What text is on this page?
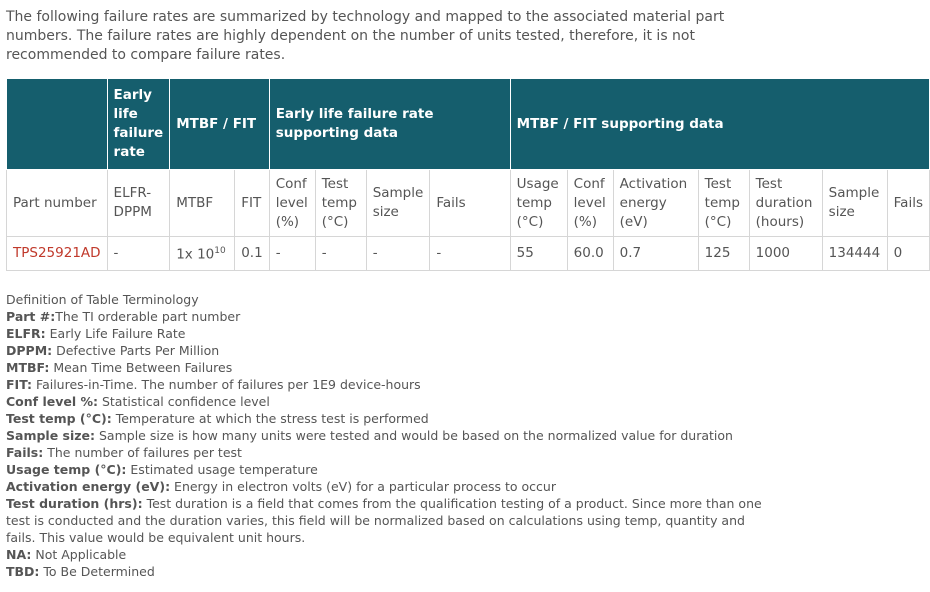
The following failure rates are summarized by technology and mapped to the associated material part numbers. The failure rates are highly dependent on the number of units tested, therefore, it is not recommended to compare failure rates.
	Early life failure rate	MTBF / FIT		Early life failure rate supporting data				MTBF / FIT supporting data						
Part number	ELFR-DPPM	MTBF	FIT	Conf level (%)	Test temp (°C)	Sample size	Fails	Usage temp (°C)	Conf level (%)	Activation energy (eV)	Test temp (°C)	Test duration (hours)	Sample size	Fails
TPS25921AD	-	1x $10^{10}$	0.1	-	-	-	-	55	60.0	0.7	125	1000	134444	0
Definition of Table Terminology
Part #:The TI orderable part number
ELFR: Early Life Failure Rate
DPPM: Defective Parts Per Million
MTBF: Mean Time Between Failures
FIT: Failures-in-Time. The number of failures per 1E9 device-hours
Conf level %: Statistical confidence level
Test temp (°C): Temperature at which the stress test is performed
Sample size: Sample size is how many units were tested and would be based on the normalized value for duration
Fails: The number of failures per test
Usage temp (°C): Estimated usage temperature
Activation energy (eV): Energy in electron volts (eV) for a particular process to occur
Test duration (hrs): Test duration is a field that comes from the qualification testing of a product. Since more than one test is conducted and the duration varies, this field will be normalized based on calculations using temp, quantity and fails. This value would be equivalent unit hours.
NA: Not Applicable
TBD: To Be Determined
